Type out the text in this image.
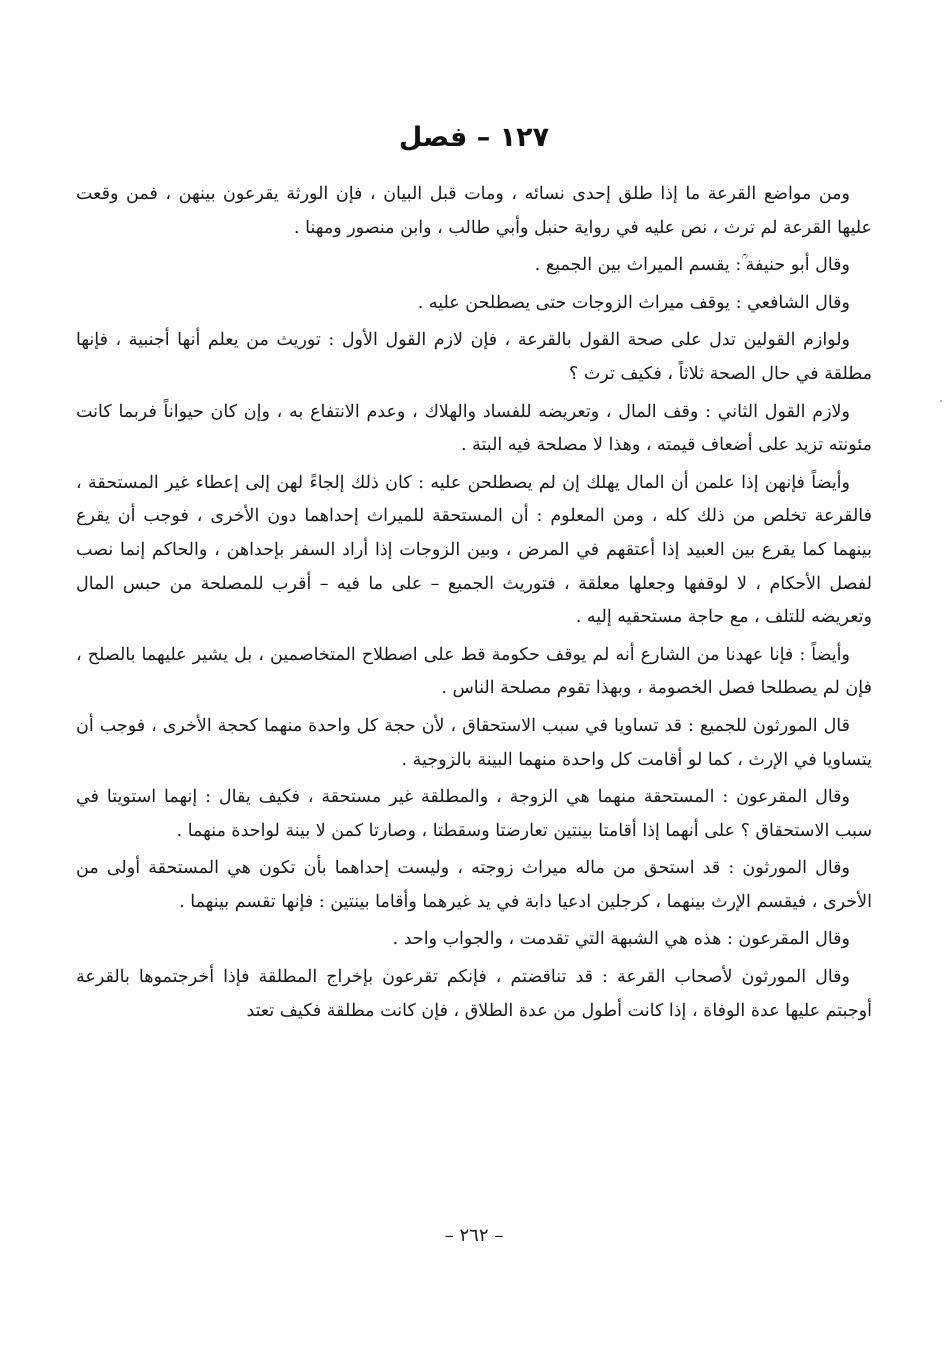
١٢٧ – فصل

ومن مواضع القرعة ما إذا طلق إحدى نسائه ، ومات قبل البيان ، فإن الورثة يقرعون بينهن ، فمن وقعت عليها القرعة لم ترث ، نص عليه في رواية حنبل وأبي طالب ، وابن منصور ومهنا .

وقال أبو حنيفة ؒ: يقسم الميراث بين الجميع .

وقال الشافعي : يوقف ميراث الزوجات حتى يصطلحن عليه .

ولوازم القولين تدل على صحة القول بالقرعة ، فإن لازم القول الأول : توريث من يعلم أنها أجنبية ، فإنها مطلقة في حال الصحة ثلاثاً ، فكيف ترث ؟

ولازم القول الثاني : وقف المال ، وتعريضه للفساد والهلاك ، وعدم الانتفاع به ، وإن كان حيواناً فربما كانت مئونته تزيد على أضعاف قيمته ، وهذا لا مصلحة فيه البتة .

وأيضاً فإنهن إذا علمن أن المال يهلك إن لم يصطلحن عليه : كان ذلك إلجاءً لهن إلى إعطاء غير المستحقة ، فالقرعة تخلص من ذلك كله ، ومن المعلوم : أن المستحقة للميراث إحداهما دون الأخرى ، فوجب أن يقرع بينهما كما يقرع بين العبيد إذا أعتقهم في المرض ، وبين الزوجات إذا أراد السفر بإحداهن ، والحاكم إنما نصب لفصل الأحكام ، لا لوقفها وجعلها معلقة ، فتوريث الجميع – على ما فيه – أقرب للمصلحة من حبس المال وتعريضه للتلف ، مع حاجة مستحقيه إليه .

وأيضاً : فإنا عهدنا من الشارع أنه لم يوقف حكومة قط على اصطلاح المتخاصمين ، بل يشير عليهما بالصلح ، فإن لم يصطلحا فصل الخصومة ، وبهذا تقوم مصلحة الناس .

قال المورثون للجميع : قد تساويا في سبب الاستحقاق ، لأن حجة كل واحدة منهما كحجة الأخرى ، فوجب أن يتساويا في الإرث ، كما لو أقامت كل واحدة منهما البينة بالزوجية .

وقال المقرعون : المستحقة منهما هي الزوجة ، والمطلقة غير مستحقة ، فكيف يقال : إنهما استويتا في سبب الاستحقاق ؟ على أنهما إذا أقامتا بينتين تعارضتا وسقطتا ، وصارتا كمن لا بينة لواحدة منهما .

وقال المورثون : قد استحق من ماله ميراث زوجته ، وليست إحداهما بأن تكون هي المستحقة أولى من الأخرى ، فيقسم الإرث بينهما ، كرجلين ادعيا دابة في يد غيرهما وأقاما بينتين : فإنها تقسم بينهما .

وقال المقرعون : هذه هي الشبهة التي تقدمت ، والجواب واحد .

وقال المورثون لأصحاب القرعة : قد تناقضتم ، فإنكم تقرعون بإخراج المطلقة فإذا أخرجتموها بالقرعة أوجبتم عليها عدة الوفاة ، إذا كانت أطول من عدة الطلاق ، فإن كانت مطلقة فكيف تعتد

– ٢٦٢ –
